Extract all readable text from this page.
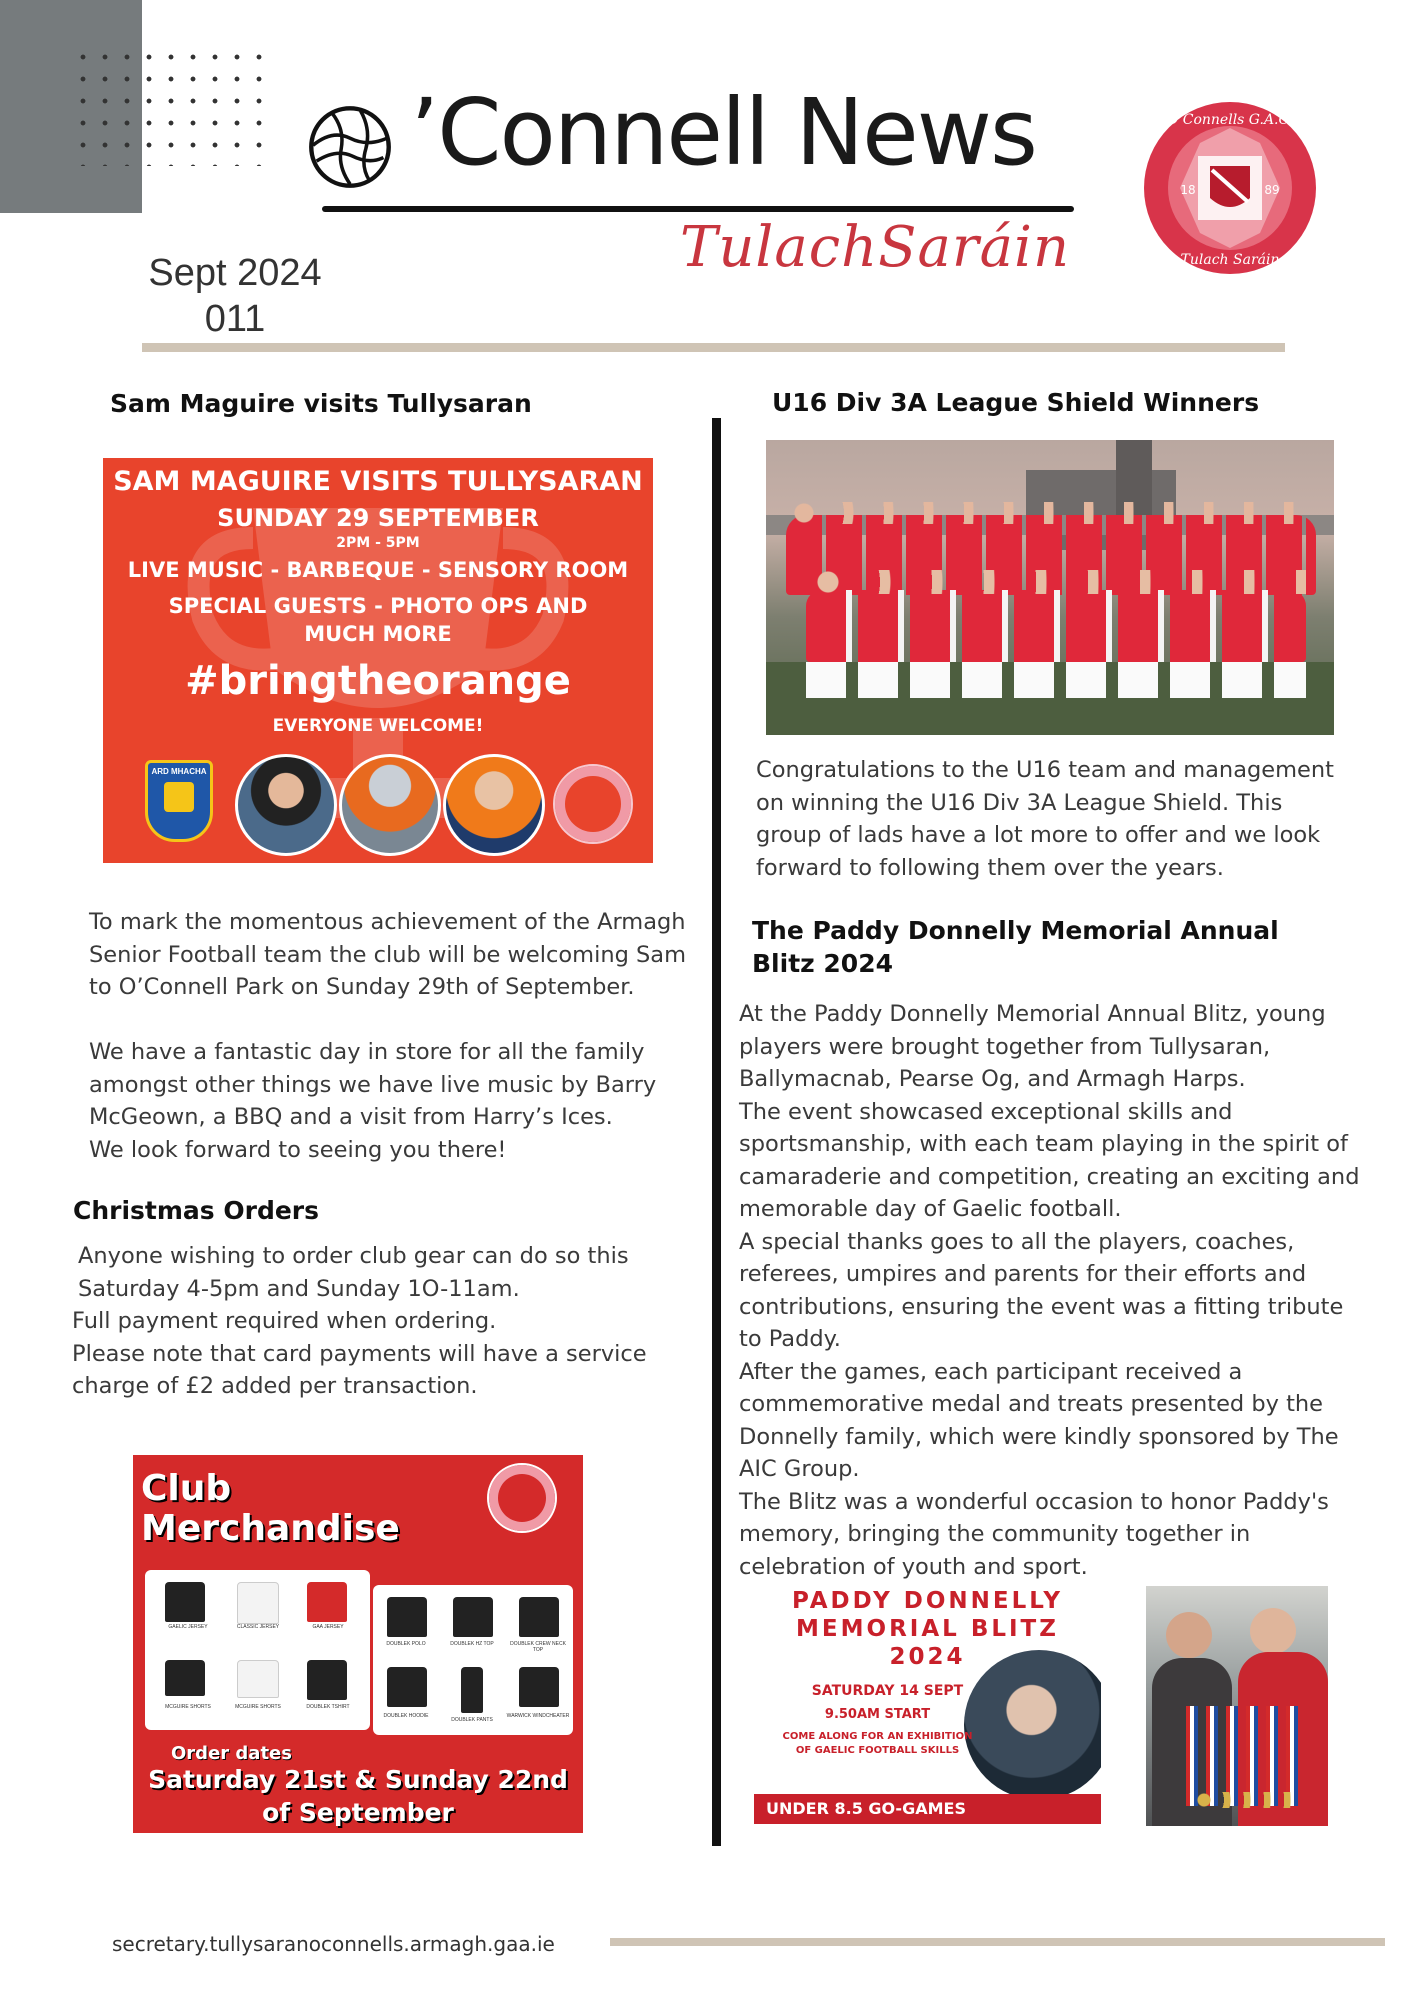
’Connell News
TulachSaráin
O Connells G.A.C.
Tulach Saráin
18	89
Sept 2024
011
Sam Maguire visits Tullysaran
SAM MAGUIRE VISITS TULLYSARAN
SUNDAY 29 SEPTEMBER
2PM - 5PM
LIVE MUSIC - BARBEQUE - SENSORY ROOM
SPECIAL GUESTS - PHOTO OPS AND
MUCH MORE
#bringtheorange
EVERYONE WELCOME!
ARD MHACHA

To mark the momentous achievement of the Armagh Senior Football team the club will be welcoming Sam to O’Connell Park on Sunday 29th of September.

We have a fantastic day in store for all the family amongst other things we have live music by Barry McGeown, a BBQ and a visit from Harry’s Ices.

We look forward to seeing you there!

Christmas Orders

Anyone wishing to order club gear can do so this Saturday 4-5pm and Sunday 1O-11am.

Full payment required when ordering.

Please note that card payments will have a service charge of £2 added per transaction.

Club
Merchandise
GAELIC JERSEY	CLASSIC JERSEY	GAA JERSEY
MCGUIRE SHORTS	MCGUIRE SHORTS	DOUBLEK TSHIRT
DOUBLEK POLO	DOUBLEK HZ TOP	DOUBLEK CREW NECK TOP
DOUBLEK HOODIE
DOUBLEK PANTS
WARWICK WINDCHEATER
Order dates
Saturday 21st & Sunday 22nd
of September
U16 Div 3A League Shield Winners
Congratulations to the U16 team and management on winning the U16 Div 3A League Shield. This group of lads have a lot more to offer and we look forward to following them over the years.
The Paddy Donnelly Memorial Annual Blitz 2024

At the Paddy Donnelly Memorial Annual Blitz, young players were brought together from Tullysaran, Ballymacnab, Pearse Og, and Armagh Harps.

The event showcased exceptional skills and sportsmanship, with each team playing in the spirit of camaraderie and competition, creating an exciting and memorable day of Gaelic football.

A special thanks goes to all the players, coaches, referees, umpires and parents for their efforts and contributions, ensuring the event was a fitting tribute to Paddy.

After the games, each participant received a commemorative medal and treats presented by the Donnelly family, which were kindly sponsored by The AIC Group.

The Blitz was a wonderful occasion to honor Paddy's memory, bringing the community together in celebration of youth and sport.

PADDY DONNELLY
MEMORIAL BLITZ
2024
SATURDAY 14 SEPT
9.50AM START
COME ALONG FOR AN EXHIBITION
OF GAELIC FOOTBALL SKILLS
UNDER 8.5 GO-GAMES
secretary.tullysaranoconnells.armagh.gaa.ie
